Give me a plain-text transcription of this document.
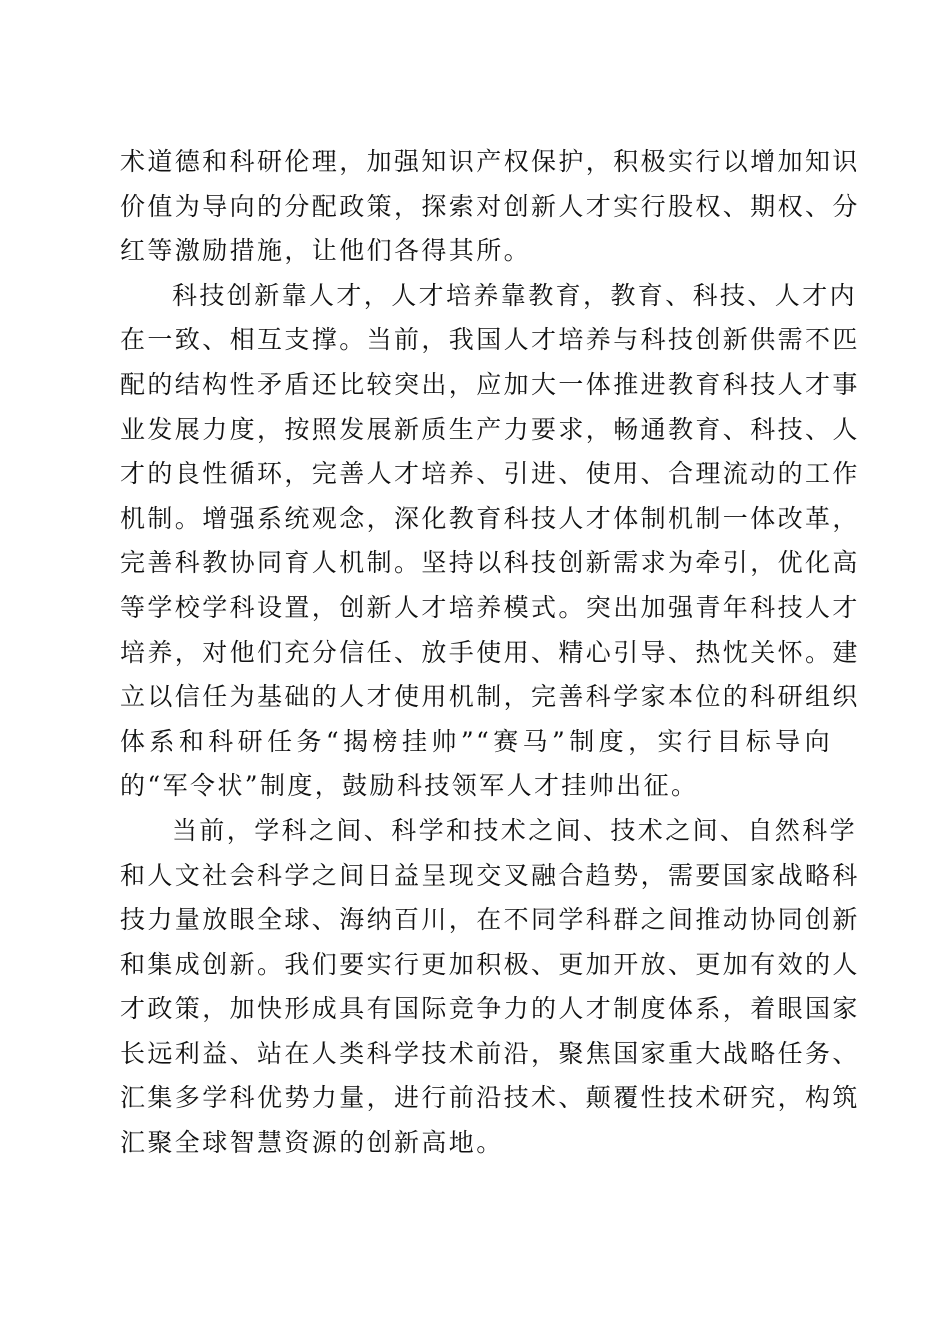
术道德和科研伦理，加强知识产权保护，积极实行以增加知识
价值为导向的分配政策，探索对创新人才实行股权、期权、分
红等激励措施，让他们各得其所。
科技创新靠人才，人才培养靠教育，教育、科技、人才内
在一致、相互支撑。当前，我国人才培养与科技创新供需不匹
配的结构性矛盾还比较突出，应加大一体推进教育科技人才事
业发展力度，按照发展新质生产力要求，畅通教育、科技、人
才的良性循环，完善人才培养、引进、使用、合理流动的工作
机制。增强系统观念，深化教育科技人才体制机制一体改革，
完善科教协同育人机制。坚持以科技创新需求为牵引，优化高
等学校学科设置，创新人才培养模式。突出加强青年科技人才
培养，对他们充分信任、放手使用、精心引导、热忱关怀。建
立以信任为基础的人才使用机制，完善科学家本位的科研组织
体系和科研任务“揭榜挂帅”“赛马”制度，实行目标导向
的“军令状”制度，鼓励科技领军人才挂帅出征。
当前，学科之间、科学和技术之间、技术之间、自然科学
和人文社会科学之间日益呈现交叉融合趋势，需要国家战略科
技力量放眼全球、海纳百川，在不同学科群之间推动协同创新
和集成创新。我们要实行更加积极、更加开放、更加有效的人
才政策，加快形成具有国际竞争力的人才制度体系，着眼国家
长远利益、站在人类科学技术前沿，聚焦国家重大战略任务、
汇集多学科优势力量，进行前沿技术、颠覆性技术研究，构筑
汇聚全球智慧资源的创新高地。
